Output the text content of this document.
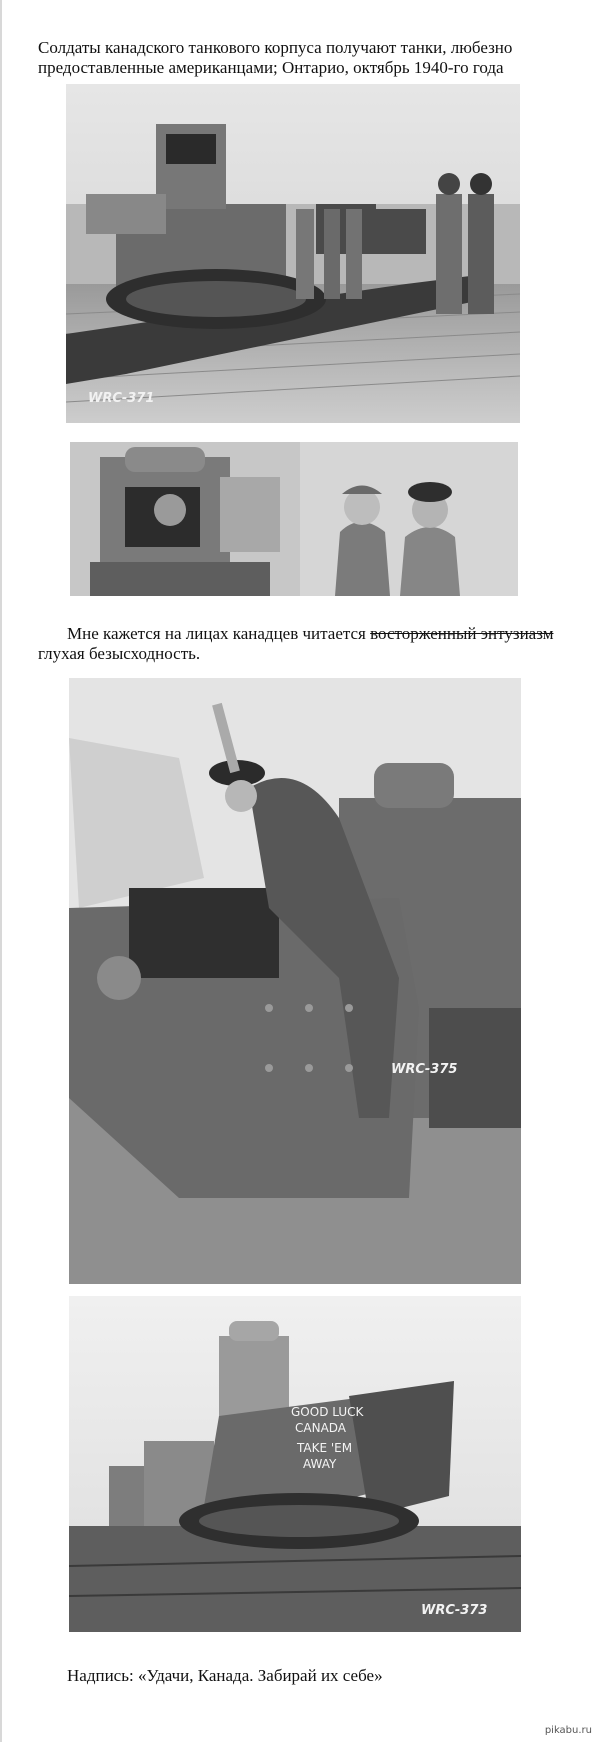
Солдаты канадского танкового корпуса получают танки, любезно предоставленные американцами; Онтарио, октябрь 1940-го года
WRC-371
Мне кажется на лицах канадцев читается восторженный энтузиазм глухая безысходность.
WRC-375
GOOD LUCK
CANADA
TAKE 'EM
AWAY
WRC-373
Надпись: «Удачи, Канада. Забирай их себе»
pikabu.ru
